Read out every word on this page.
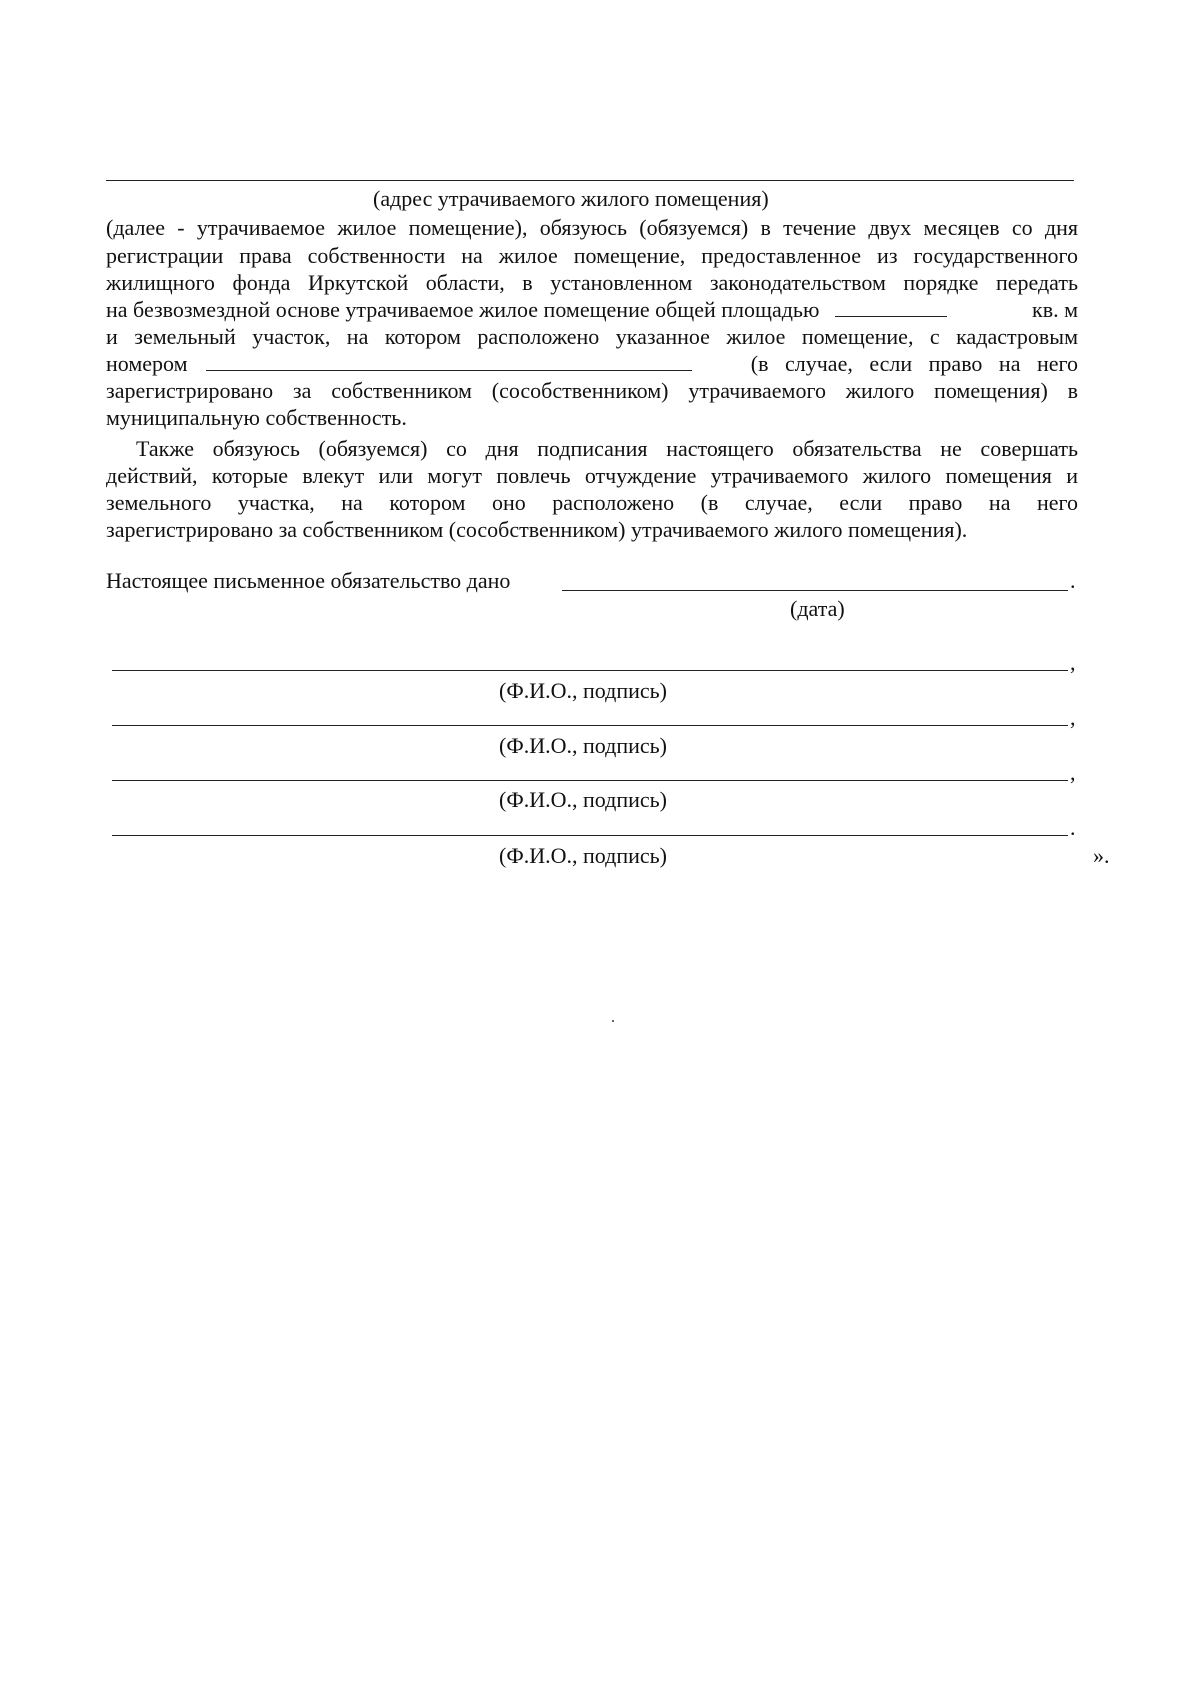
(адрес утрачиваемого жилого помещения)
(далее - утрачиваемое жилое помещение), обязуюсь (обязуемся) в течение двух месяцев со дня
регистрации права собственности на жилое помещение, предоставленное из государственного
жилищного фонда Иркутской области, в установленном законодательством порядке передать
на безвозмездной основе утрачиваемое жилое помещение общей площадью	кв. м
и земельный участок, на котором расположено указанное жилое помещение, с кадастровым
номером	(в случае, если право на него
зарегистрировано за собственником (сособственником) утрачиваемого жилого помещения) в
муниципальную собственность.
Также обязуюсь (обязуемся) со дня подписания настоящего обязательства не совершать
действий, которые влекут или могут повлечь отчуждение утрачиваемого жилого помещения и
земельного участка, на котором оно расположено (в случае, если право на него
зарегистрировано за собственником (сособственником) утрачиваемого жилого помещения).
Настоящее письменное обязательство дано	.
(дата)
,
(Ф.И.О., подпись)
,
(Ф.И.О., подпись)
,
(Ф.И.О., подпись)
.
(Ф.И.О., подпись)	».
